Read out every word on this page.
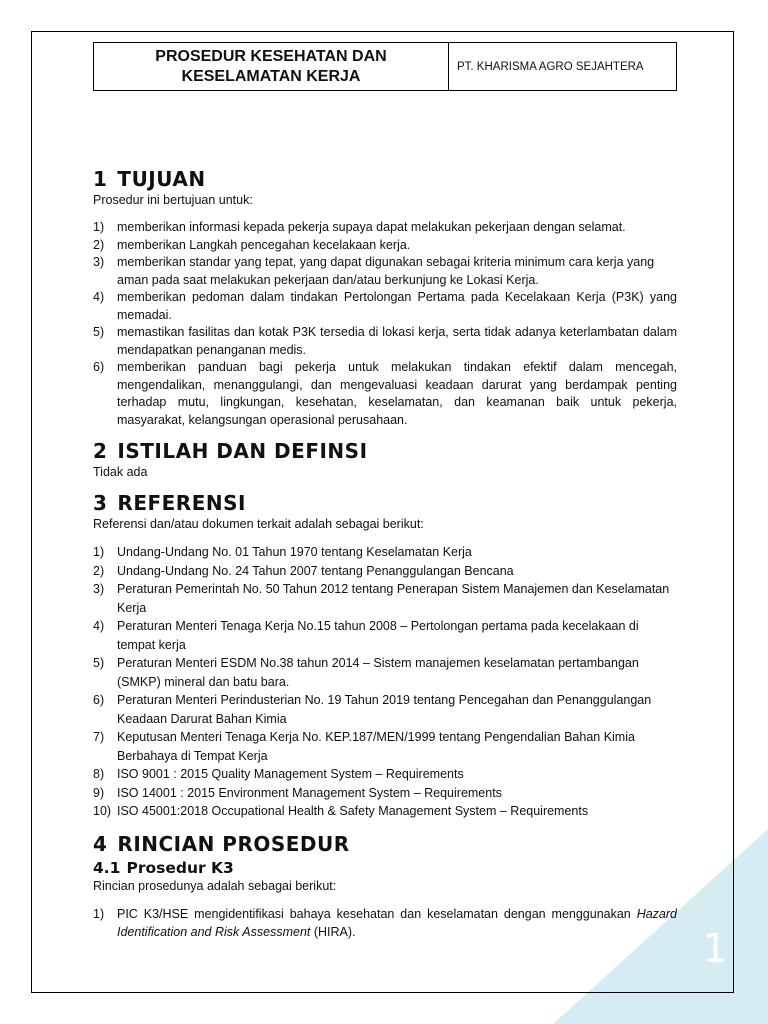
1
PROSEDUR KESEHATAN DAN
KESELAMATAN KERJA	PT. KHARISMA AGRO SEJAHTERA
1 TUJUAN

Prosedur ini bertujuan untuk:

1) memberikan informasi kepada pekerja supaya dapat melakukan pekerjaan dengan selamat.
2) memberikan Langkah pencegahan kecelakaan kerja.
3) memberikan standar yang tepat, yang dapat digunakan sebagai kriteria minimum cara kerja yang aman pada saat melakukan pekerjaan dan/atau berkunjung ke Lokasi Kerja.
4) memberikan pedoman dalam tindakan Pertolongan Pertama pada Kecelakaan Kerja (P3K) yang memadai.
5) memastikan fasilitas dan kotak P3K tersedia di lokasi kerja, serta tidak adanya keterlambatan dalam mendapatkan penanganan medis.
6) memberikan panduan bagi pekerja untuk melakukan tindakan efektif dalam mencegah, mengendalikan, menanggulangi, dan mengevaluasi keadaan darurat yang berdampak penting terhadap mutu, lingkungan, kesehatan, keselamatan, dan keamanan baik untuk pekerja, masyarakat, kelangsungan operasional perusahaan.
2 ISTILAH DAN DEFINSI

Tidak ada

3 REFERENSI

Referensi dan/atau dokumen terkait adalah sebagai berikut:

1) Undang-Undang No. 01 Tahun 1970 tentang Keselamatan Kerja
2) Undang-Undang No. 24 Tahun 2007 tentang Penanggulangan Bencana
3) Peraturan Pemerintah No. 50 Tahun 2012 tentang Penerapan Sistem Manajemen dan Keselamatan Kerja
4) Peraturan Menteri Tenaga Kerja No.15 tahun 2008 – Pertolongan pertama pada kecelakaan di tempat kerja
5) Peraturan Menteri ESDM No.38 tahun 2014 – Sistem manajemen keselamatan pertambangan (SMKP) mineral dan batu bara.
6) Peraturan Menteri Perindusterian No. 19 Tahun 2019 tentang Pencegahan dan Penanggulangan Keadaan Darurat Bahan Kimia
7) Keputusan Menteri Tenaga Kerja No. KEP.187/MEN/1999 tentang Pengendalian Bahan Kimia Berbahaya di Tempat Kerja
8) ISO 9001 : 2015 Quality Management System – Requirements
9) ISO 14001 : 2015 Environment Management System – Requirements
10) ISO 45001:2018 Occupational Health & Safety Management System – Requirements
4 RINCIAN PROSEDUR
4.1 Prosedur K3

Rincian prosedunya adalah sebagai berikut:

1) PIC K3/HSE mengidentifikasi bahaya kesehatan dan keselamatan dengan menggunakan Hazard Identification and Risk Assessment (HIRA).
